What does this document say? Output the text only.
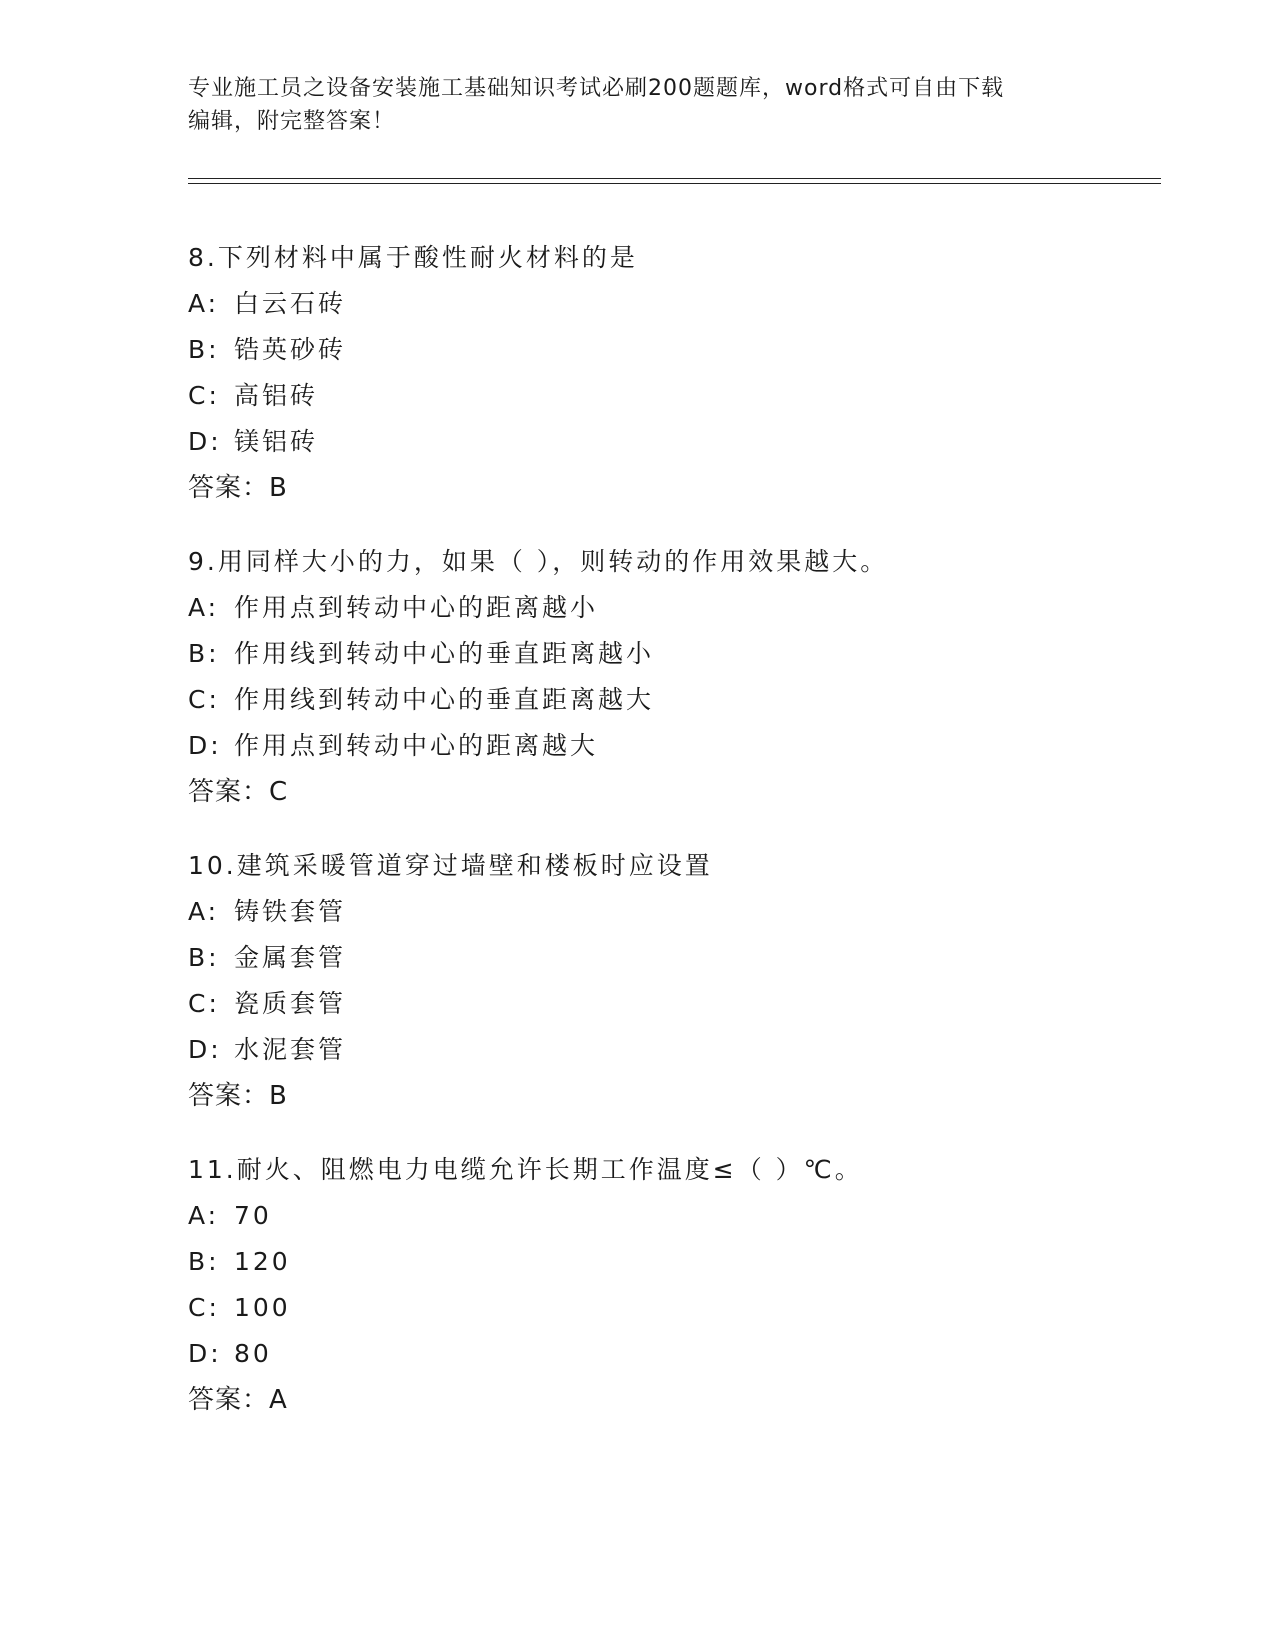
专业施工员之设备安装施工基础知识考试必刷200题题库，word格式可自由下载
编辑，附完整答案！
8.下列材料中属于酸性耐火材料的是
A: 白云石砖
B: 锆英砂砖
C: 高铝砖
D: 镁铝砖
答案：B
9.用同样大小的力，如果（ ），则转动的作用效果越大。
A: 作用点到转动中心的距离越小
B: 作用线到转动中心的垂直距离越小
C: 作用线到转动中心的垂直距离越大
D: 作用点到转动中心的距离越大
答案：C
10.建筑采暖管道穿过墙壁和楼板时应设置
A: 铸铁套管
B: 金属套管
C: 瓷质套管
D: 水泥套管
答案：B
11.耐火、阻燃电力电缆允许长期工作温度≤（ ）℃。
A: 70
B: 120
C: 100
D: 80
答案：A
